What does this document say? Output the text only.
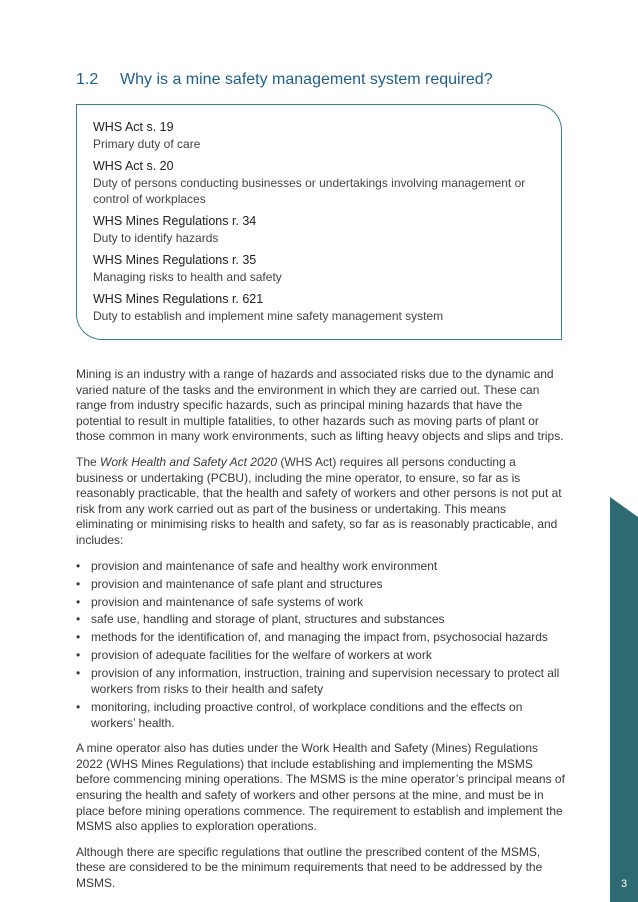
1.2	Why is a mine safety management system required?
WHS Act s. 19
Primary duty of care
WHS Act s. 20
Duty of persons conducting businesses or undertakings involving management or control of workplaces
WHS Mines Regulations r. 34
Duty to identify hazards
WHS Mines Regulations r. 35
Managing risks to health and safety
WHS Mines Regulations r. 621
Duty to establish and implement mine safety management system

Mining is an industry with a range of hazards and associated risks due to the dynamic and varied nature of the tasks and the environment in which they are carried out. These can range from industry specific hazards, such as principal mining hazards that have the potential to result in multiple fatalities, to other hazards such as moving parts of plant or those common in many work environments, such as lifting heavy objects and slips and trips.

The Work Health and Safety Act 2020 (WHS Act) requires all persons conducting a business or undertaking (PCBU), including the mine operator, to ensure, so far as is reasonably practicable, that the health and safety of workers and other persons is not put at risk from any work carried out as part of the business or undertaking. This means eliminating or minimising risks to health and safety, so far as is reasonably practicable, and includes:

• provision and maintenance of safe and healthy work environment
• provision and maintenance of safe plant and structures
• provision and maintenance of safe systems of work
• safe use, handling and storage of plant, structures and substances
• methods for the identification of, and managing the impact from, psychosocial hazards
• provision of adequate facilities for the welfare of workers at work
• provision of any information, instruction, training and supervision necessary to protect all workers from risks to their health and safety
• monitoring, including proactive control, of workplace conditions and the effects on workers’ health.

A mine operator also has duties under the Work Health and Safety (Mines) Regulations 2022 (WHS Mines Regulations) that include establishing and implementing the MSMS before commencing mining operations. The MSMS is the mine operator’s principal means of ensuring the health and safety of workers and other persons at the mine, and must be in place before mining operations commence. The requirement to establish and implement the MSMS also applies to exploration operations.

Although there are specific regulations that outline the prescribed content of the MSMS, these are considered to be the minimum requirements that need to be addressed by the MSMS.

MINE SAFETY MANAGEMENT SYSTEM – CODE OF PRACTICE
3
